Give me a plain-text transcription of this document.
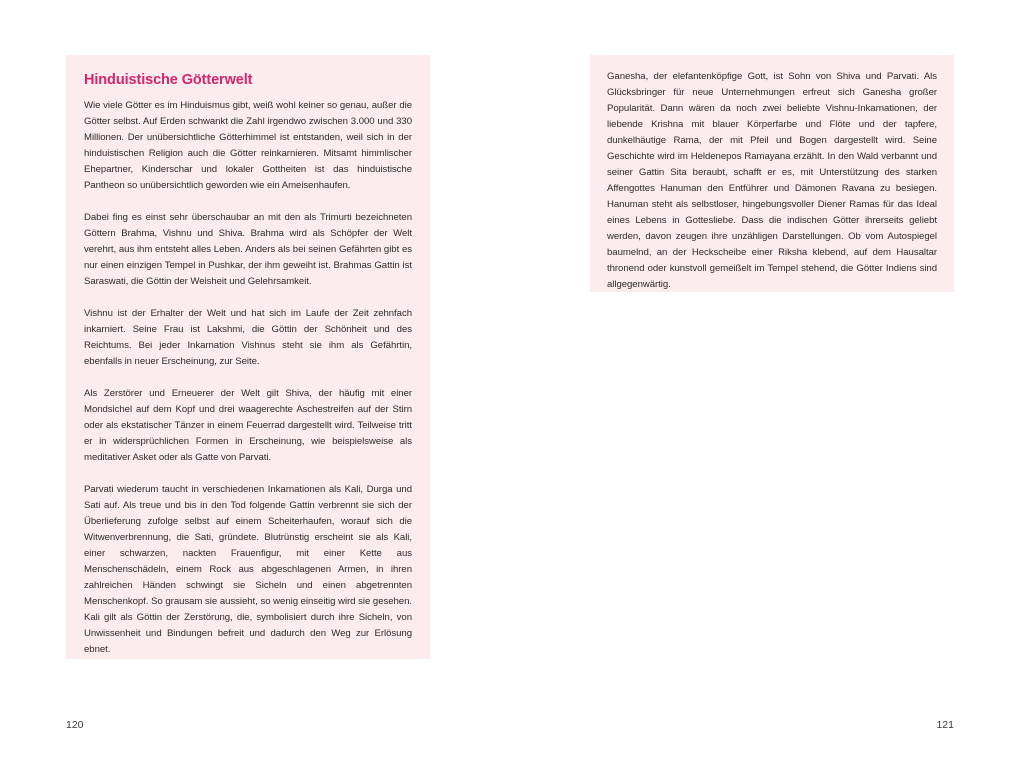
Hinduistische Götterwelt

Wie viele Götter es im Hinduismus gibt, weiß wohl keiner so genau, außer die Götter selbst. Auf Erden schwankt die Zahl irgendwo zwischen 3.000 und 330 Millionen. Der unübersichtliche Götterhimmel ist entstanden, weil sich in der hinduistischen Religion auch die Götter reinkarnieren. Mitsamt himmlischer Ehepartner, Kinderschar und lokaler Gottheiten ist das hinduistische Pantheon so unübersichtlich geworden wie ein Ameisenhaufen.

Dabei fing es einst sehr überschaubar an mit den als Trimurti bezeichneten Göttern Brahma, Vishnu und Shiva. Brahma wird als Schöpfer der Welt verehrt, aus ihm entsteht alles Leben. Anders als bei seinen Gefährten gibt es nur einen einzigen Tempel in Pushkar, der ihm geweiht ist. Brahmas Gattin ist Saraswati, die Göttin der Weisheit und Gelehrsamkeit.

Vishnu ist der Erhalter der Welt und hat sich im Laufe der Zeit zehnfach inkarniert. Seine Frau ist Lakshmi, die Göttin der Schönheit und des Reichtums. Bei jeder Inkarnation Vishnus steht sie ihm als Gefährtin, ebenfalls in neuer Erscheinung, zur Seite.

Als Zerstörer und Erneuerer der Welt gilt Shiva, der häufig mit einer Mondsichel auf dem Kopf und drei waagerechte Aschestreifen auf der Stirn oder als ekstatischer Tänzer in einem Feuerrad dargestellt wird. Teilweise tritt er in widersprüchlichen Formen in Erscheinung, wie beispielsweise als meditativer Asket oder als Gatte von Parvati.

Parvati wiederum taucht in verschiedenen Inkarnationen als Kali, Durga und Sati auf. Als treue und bis in den Tod folgende Gattin verbrennt sie sich der Überlieferung zufolge selbst auf einem Scheiterhaufen, worauf sich die Witwenverbrennung, die Sati, gründete. Blutrünstig erscheint sie als Kali, einer schwarzen, nackten Frauenfigur, mit einer Kette aus Menschenschädeln, einem Rock aus abgeschlagenen Armen, in ihren zahlreichen Händen schwingt sie Sicheln und einen abgetrennten Menschenkopf. So grausam sie aussieht, so wenig einseitig wird sie gesehen. Kali gilt als Göttin der Zerstörung, die, symbolisiert durch ihre Sicheln, von Unwissenheit und Bindungen befreit und dadurch den Weg zur Erlösung ebnet.

Ganesha, der elefantenköpfige Gott, ist Sohn von Shiva und Parvati. Als Glücksbringer für neue Unternehmungen erfreut sich Ganesha großer Popularität. Dann wären da noch zwei beliebte Vishnu-Inkarnationen, der liebende Krishna mit blauer Körperfarbe und Flöte und der tapfere, dunkelhäutige Rama, der mit Pfeil und Bogen dargestellt wird. Seine Geschichte wird im Heldenepos Ramayana erzählt. In den Wald verbannt und seiner Gattin Sita beraubt, schafft er es, mit Unterstützung des starken Affengottes Hanuman den Entführer und Dämonen Ravana zu besiegen. Hanuman steht als selbstloser, hingebungsvoller Diener Ramas für das Ideal eines Lebens in Gottesliebe. Dass die indischen Götter ihrerseits geliebt werden, davon zeugen ihre unzähligen Darstellungen. Ob vom Autospiegel baumelnd, an der Heckscheibe einer Riksha klebend, auf dem Hausaltar thronend oder kunstvoll gemeißelt im Tempel stehend, die Götter Indiens sind allgegenwärtig.

120	121
